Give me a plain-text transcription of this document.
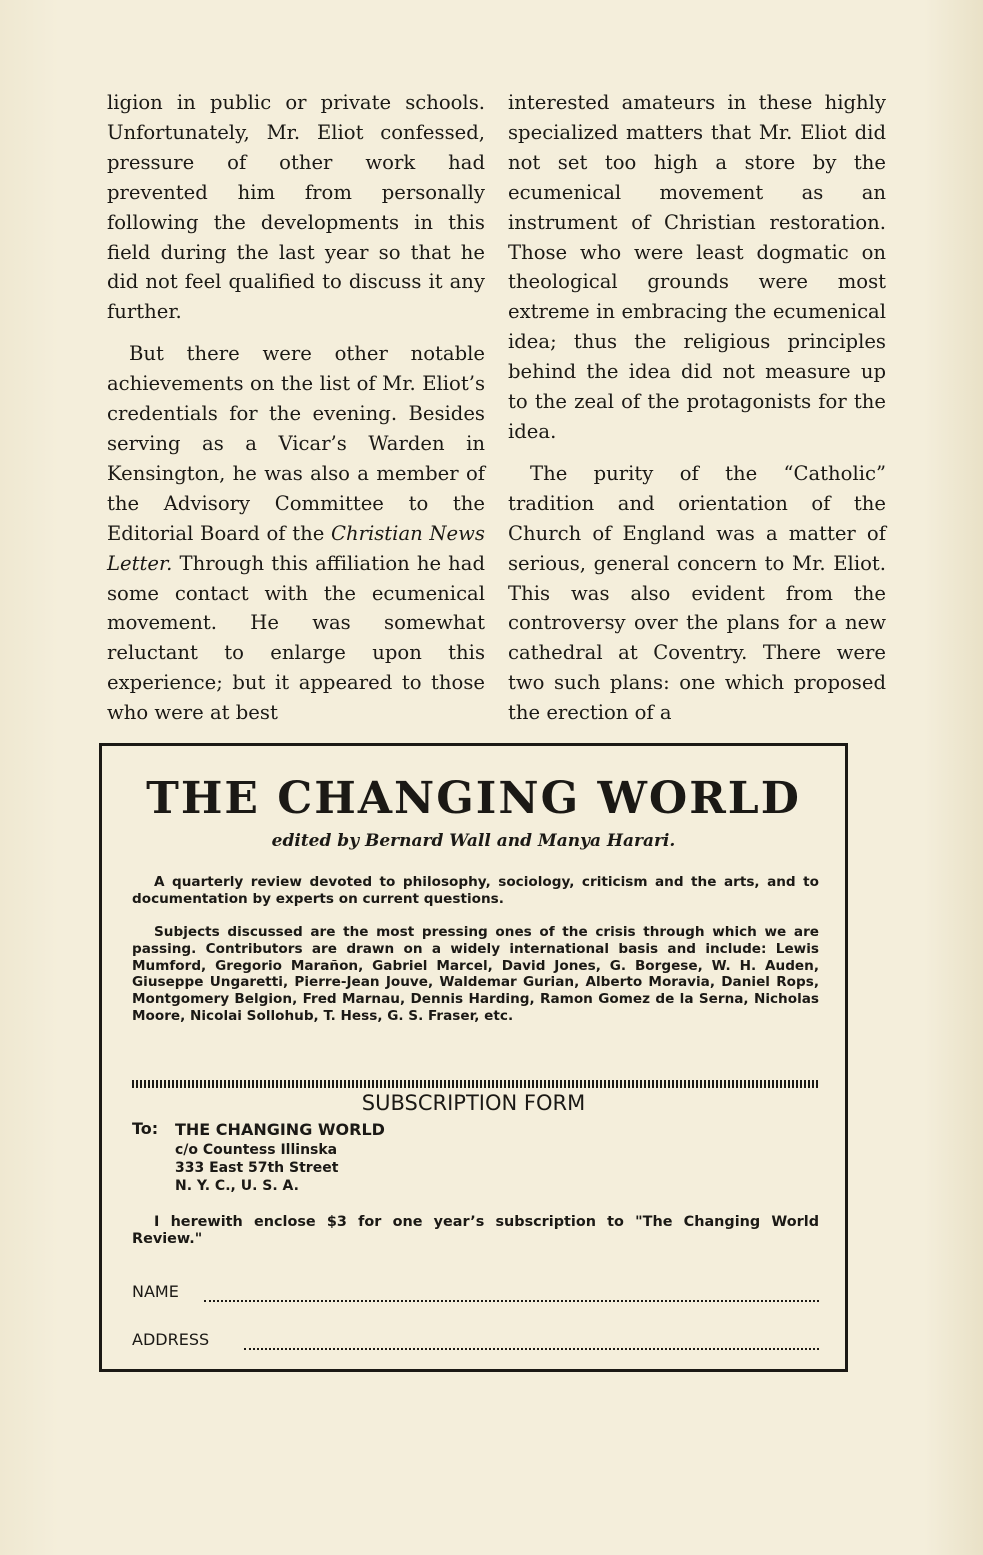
ligion in public or private schools. Unfortunately, Mr. Eliot confessed, pressure of other work had prevented him from personally following the developments in this field during the last year so that he did not feel qualified to discuss it any further.

But there were other notable achievements on the list of Mr. Eliot’s credentials for the evening. Besides serving as a Vicar’s Warden in Kensington, he was also a member of the Advisory Committee to the Editorial Board of the Christian News Letter. Through this affiliation he had some contact with the ecumenical movement. He was somewhat reluctant to enlarge upon this experience; but it appeared to those who were at best

interested amateurs in these highly specialized matters that Mr. Eliot did not set too high a store by the ecumenical movement as an instrument of Christian restoration. Those who were least dogmatic on theological grounds were most extreme in embracing the ecumenical idea; thus the religious principles behind the idea did not measure up to the zeal of the protagonists for the idea.

The purity of the “Catholic” tradition and orientation of the Church of England was a matter of serious, general concern to Mr. Eliot. This was also evident from the controversy over the plans for a new cathedral at Coventry. There were two such plans: one which proposed the erection of a

THE CHANGING WORLD
edited by Bernard Wall and Manya Harari.
A quarterly review devoted to philosophy, sociology, criticism and the arts, and to documentation by experts on current questions.
Subjects discussed are the most pressing ones of the crisis through which we are passing. Contributors are drawn on a widely international basis and include: Lewis Mumford, Gregorio Marañon, Gabriel Marcel, David Jones, G. Borgese, W. H. Auden, Giuseppe Ungaretti, Pierre-Jean Jouve, Waldemar Gurian, Alberto Moravia, Daniel Rops, Montgomery Belgion, Fred Marnau, Dennis Harding, Ramon Gomez de la Serna, Nicholas Moore, Nicolai Sollohub, T. Hess, G. S. Fraser, etc.
SUBSCRIPTION FORM
To: THE CHANGING WORLD
c/o Countess Illinska
333 East 57th Street
N. Y. C., U. S. A.
I herewith enclose $3 for one year’s subscription to "The Changing World Review."
NAME
ADDRESS
